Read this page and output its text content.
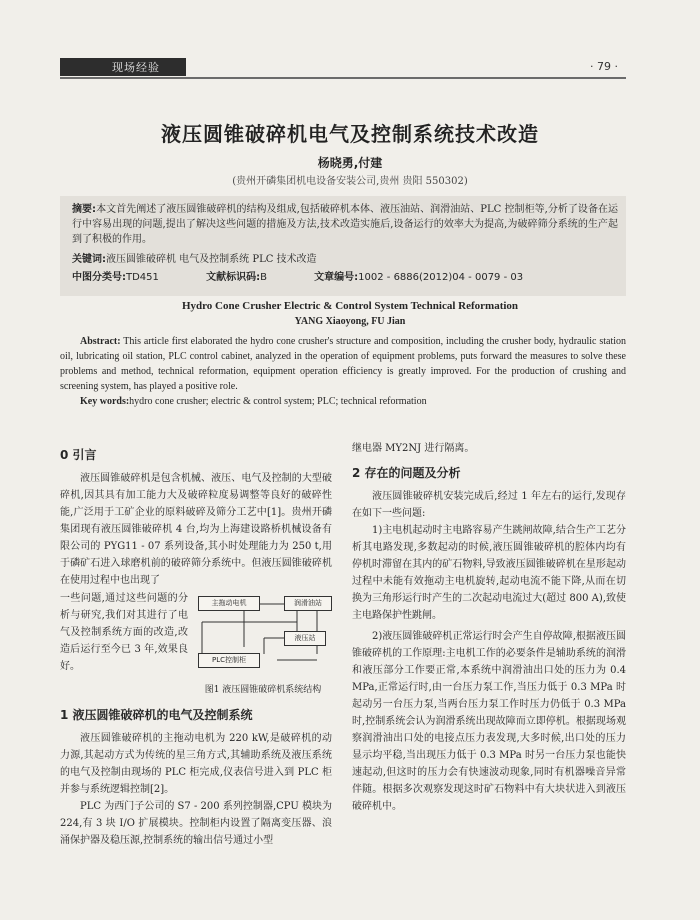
现场经验	· 79 ·
液压圆锥破碎机电气及控制系统技术改造
杨晓勇,付建
(贵州开磷集团机电设备安装公司,贵州 贵阳 550302)
摘要:本文首先阐述了液压圆锥破碎机的结构及组成,包括破碎机本体、液压油站、润滑油站、PLC 控制柜等,分析了设备在运行中容易出现的问题,提出了解决这些问题的措施及方法,技术改造实施后,设备运行的效率大为提高,为破碎筛分系统的生产起到了积极的作用。
关键词:液压圆锥破碎机 电气及控制系统 PLC 技术改造
中图分类号:TD451	文献标识码:B	文章编号:1002 - 6886(2012)04 - 0079 - 03
Hydro Cone Crusher Electric & Control System Technical Reformation
YANG Xiaoyong, FU Jian
Abstract: This article first elaborated the hydro cone crusher's structure and composition, including the crusher body, hydraulic station oil, lubricating oil station, PLC control cabinet, analyzed in the operation of equipment problems, puts forward the measures to solve these problems and method, technical reformation, equipment operation efficiency is greatly improved. For the production of crushing and screening system, has played a positive role.
Key words:hydro cone crusher; electric & control system; PLC; technical reformation
0 引言

液压圆锥破碎机是包含机械、液压、电气及控制的大型破碎机,因其具有加工能力大及破碎粒度易调整等良好的破碎性能,广泛用于工矿企业的原料破碎及筛分工艺中[1]。贵州开磷集团现有液压圆锥破碎机 4 台,均为上海建设路桥机械设备有限公司的 PYG11 - 07 系列设备,其小时处理能力为 250 t,用于磷矿石进入球磨机前的破碎筛分系统中。但液压圆锥破碎机在使用过程中也出现了

一些问题,通过这些问题的分析与研究,我们对其进行了电气及控制系统方面的改造,改造后运行至今已 3 年,效果良好。

主拖动电机	润滑油站
液压站
PLC控制柜
图1 液压圆锥破碎机系统结构
1 液压圆锥破碎机的电气及控制系统

液压圆锥破碎机的主拖动电机为 220 kW,是破碎机的动力源,其起动方式为传统的星三角方式,其辅助系统及液压系统的电气及控制由现场的 PLC 柜完成,仪表信号进入到 PLC 柜并参与系统逻辑控制[2]。

PLC 为西门子公司的 S7 - 200 系列控制器,CPU 模块为 224,有 3 块 I/O 扩展模块。控制柜内设置了隔离变压器、浪涌保护器及稳压源,控制系统的输出信号通过小型

继电器 MY2NJ 进行隔离。

2 存在的问题及分析

液压圆锥破碎机安装完成后,经过 1 年左右的运行,发现存在如下一些问题:

1)主电机起动时主电路容易产生跳闸故障,结合生产工艺分析其电路发现,多数起动的时候,液压圆锥破碎机的腔体内均有停机时滞留在其内的矿石物料,导致液压圆锥破碎机在星形起动过程中未能有效拖动主电机旋转,起动电流不能下降,从而在切换为三角形运行时产生的二次起动电流过大(超过 800 A),致使主电路保护性跳闸。

2)液压圆锥破碎机正常运行时会产生自停故障,根据液压圆锥破碎机的工作原理:主电机工作的必要条件是辅助系统的润滑和液压部分工作要正常,本系统中润滑油出口处的压力为 0.4 MPa,正常运行时,由一台压力泵工作,当压力低于 0.3 MPa 时起动另一台压力泵,当两台压力泵工作时压力仍低于 0.3 MPa 时,控制系统会认为润滑系统出现故障而立即停机。根据现场观察润滑油出口处的电接点压力表发现,大多时候,出口处的压力显示均平稳,当出现压力低于 0.3 MPa 时另一台压力泵也能快速起动,但这时的压力会有快速波动现象,同时有机器噪音异常伴随。根据多次观察发现这时矿石物料中有大块状进入到液压破碎机中。
